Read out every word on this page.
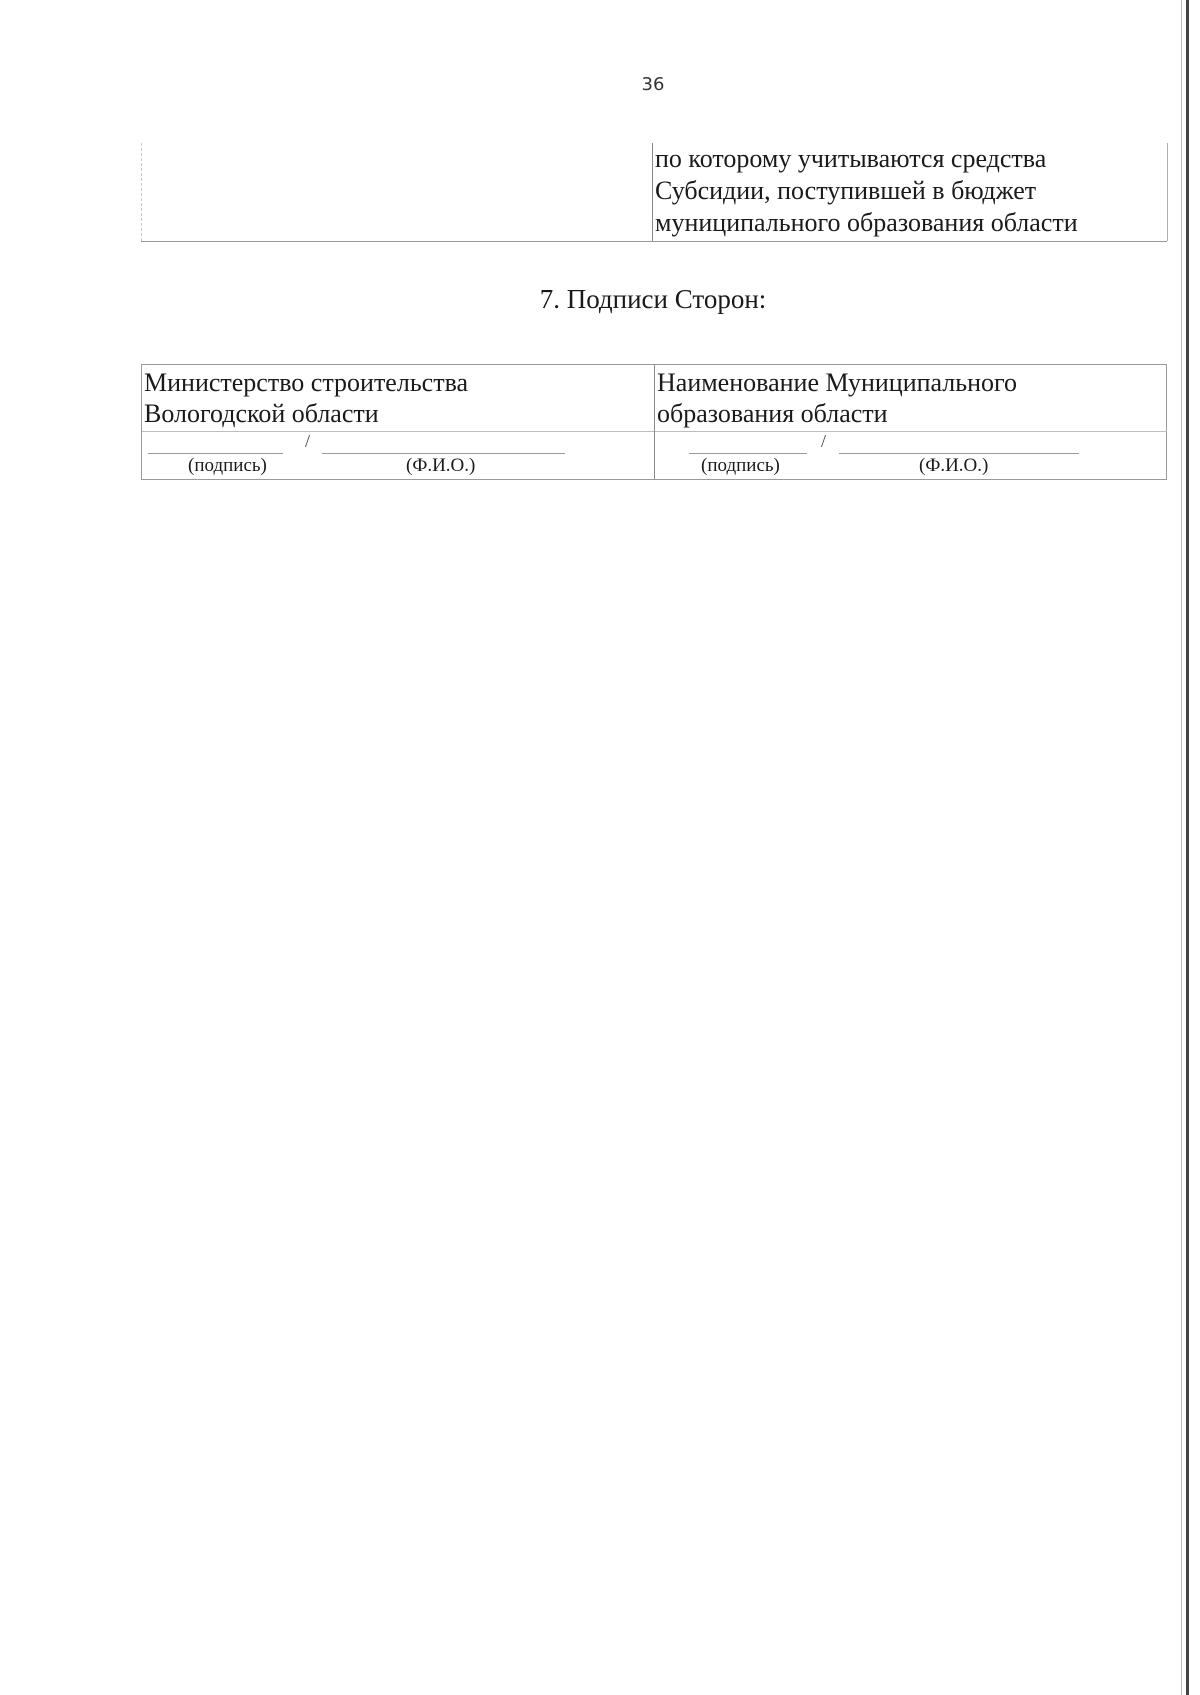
36
по которому учитываются средства
Субсидии, поступившей в бюджет
муниципального образования области
7. Подписи Сторон:
Министерство строительства
Вологодской области
/
(подпись)	(Ф.И.О.)
Наименование Муниципального
образования области
/
(подпись)	(Ф.И.О.)
